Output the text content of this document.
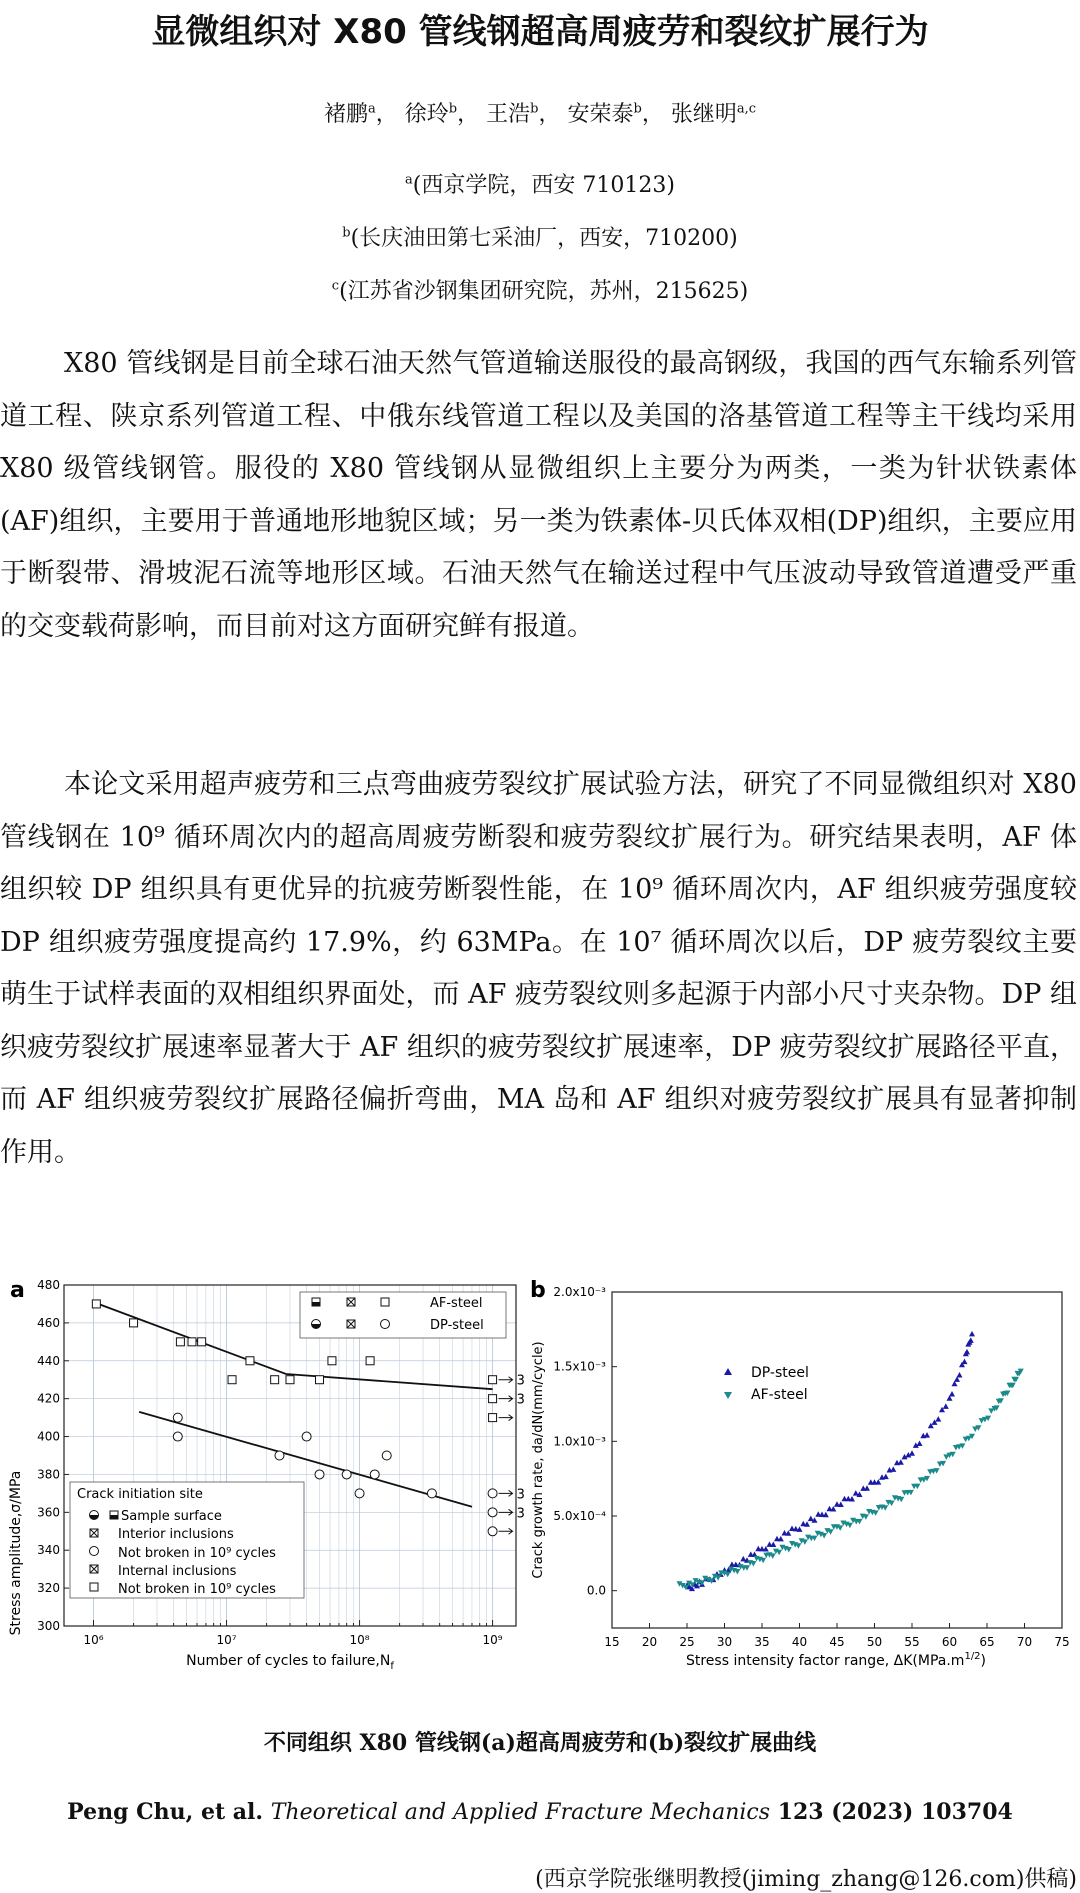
显微组织对 X80 管线钢超高周疲劳和裂纹扩展行为
褚鹏$^a$， 徐玲$^b$， 王浩$^b$， 安荣泰$^b$， 张继明$^{a,c}$
$^a$(西京学院，西安 710123)
$^b$(长庆油田第七采油厂，西安，710200)
$^c$(江苏省沙钢集团研究院，苏州，215625)
X80 管线钢是目前全球石油天然气管道输送服役的最高钢级，我国的西气东输系列管道工程、陕京系列管道工程、中俄东线管道工程以及美国的洛基管道工程等主干线均采用 X80 级管线钢管。服役的 X80 管线钢从显微组织上主要分为两类，一类为针状铁素体(AF)组织，主要用于普通地形地貌区域；另一类为铁素体-贝氏体双相(DP)组织，主要应用于断裂带、滑坡泥石流等地形区域。石油天然气在输送过程中气压波动导致管道遭受严重的交变载荷影响，而目前对这方面研究鲜有报道。
本论文采用超声疲劳和三点弯曲疲劳裂纹扩展试验方法，研究了不同显微组织对 X80 管线钢在 10⁹ 循环周次内的超高周疲劳断裂和疲劳裂纹扩展行为。研究结果表明，AF 体组织较 DP 组织具有更优异的抗疲劳断裂性能，在 10⁹ 循环周次内，AF 组织疲劳强度较 DP 组织疲劳强度提高约 17.9%，约 63MPa。在 10⁷ 循环周次以后，DP 疲劳裂纹主要萌生于试样表面的双相组织界面处，而 AF 疲劳裂纹则多起源于内部小尺寸夹杂物。DP 组织疲劳裂纹扩展速率显著大于 AF 组织的疲劳裂纹扩展速率，DP 疲劳裂纹扩展路径平直，而 AF 组织疲劳裂纹扩展路径偏折弯曲，MA 岛和 AF 组织对疲劳裂纹扩展具有显著抑制作用。
a
300
320
340
360
380
400
420
440
460
480
10⁶	10⁷	10⁸	10⁹
3
3
3
3
AF-steel
DP-steel
Crack initiation site
Sample surface
Interior inclusions
Not broken in 10⁹ cycles
Internal inclusions
Not broken in 10⁹ cycles
Stress amplitude,σ/MPa
Number of cycles to $failure,N_f$
b
0.0
5.0x10⁻⁴
1.0x10⁻³
1.5x10⁻³
2.0x10⁻³
15 20 25 30 35 40 45 50 55 60 65 70 75
DP-steel
AF-steel
Crack growth rate, da/dN(mm/cycle)
Stress intensity factor range, $\Delta K(MPa.m^{1/2})$
不同组织 X80 管线钢(a)超高周疲劳和(b)裂纹扩展曲线
Peng Chu, et al. Theoretical and Applied Fracture Mechanics 123 (2023) 103704
(西京学院张继明教授(jiming_zhang@126.com)供稿)
